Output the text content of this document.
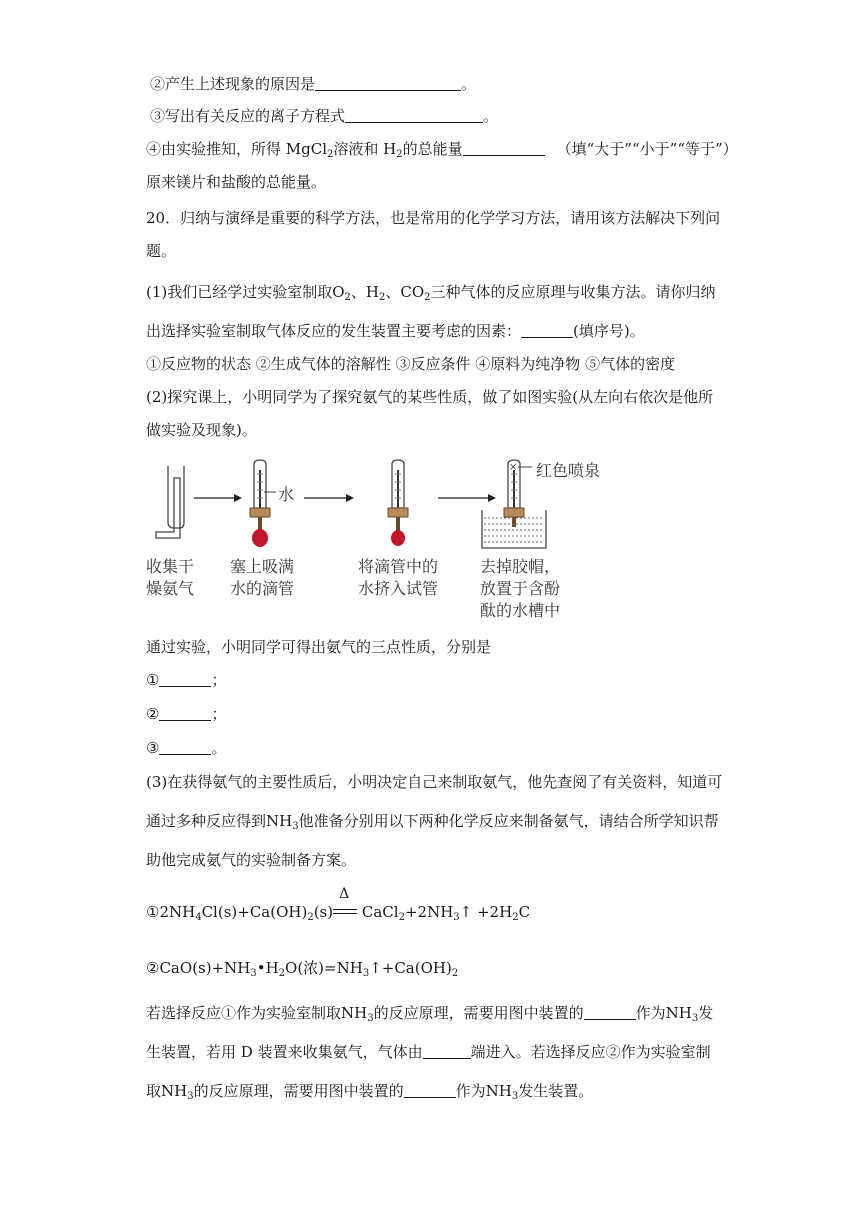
②产生上述现象的原因是	。
③写出有关反应的离子方程式	。
④由实验推知，所得 MgCl$_2$溶液和 $H_2$的总能量	（填“大于”“小于”“等于”）
原来镁片和盐酸的总能量。
20．归纳与演绎是重要的科学方法，也是常用的化学学习方法，请用该方法解决下列问
题。
(1)我们已经学过实验室制取$O_2$、$H_2$、$CO_2$三种气体的反应原理与收集方法。请你归纳
出选择实验室制取气体反应的发生装置主要考虑的因素：	(填序号)。
①反应物的状态 ②生成气体的溶解性 ③反应条件 ④原料为纯净物 ⑤气体的密度
(2)探究课上，小明同学为了探究氨气的某些性质，做了如图实验(从左向右依次是他所
做实验及现象)。
×
水
红色喷泉
收集干
燥氨气
塞上吸满
水的滴管
将滴管中的
水挤入试管
去掉胶帽，
放置于含酚
酞的水槽中
通过实验，小明同学可得出氨气的三点性质，分别是
①	；
②	；
③	。
(3)在获得氨气的主要性质后，小明决定自己来制取氨气，他先查阅了有关资料，知道可
通过多种反应得到$NH_3$他准备分别用以下两种化学反应来制备氨气，请结合所学知识帮
助他完成氨气的实验制备方案。
$①2NH_4Cl(s)+Ca(OH)_2(s)$
Δ
$CaCl_2+2NH_3↑ +2H_2C$
$②CaO(s)+NH_3•H_2O$(浓)$=NH_3↑+Ca(OH)_2$
若选择反应①作为实验室制取$NH_3$的反应原理，需要用图中装置的	作为$NH_3$发
生装置，若用 D 装置来收集氨气，气体由	端进入。若选择反应②作为实验室制
取$NH_3$的反应原理，需要用图中装置的	作为$NH_3$发生装置。
